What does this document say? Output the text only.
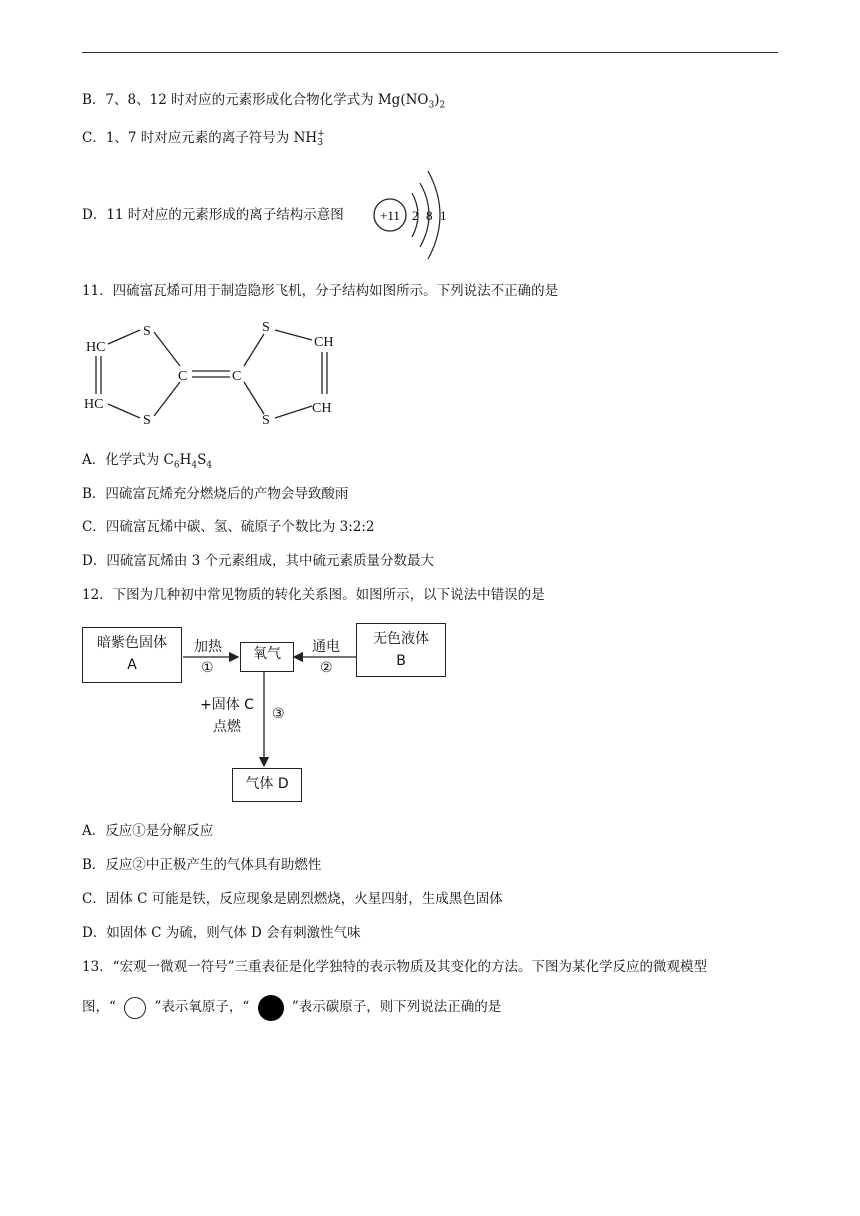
B．7、8、12 时对应的元素形成化合物化学式为 $Mg(NO_3)_2$
C．1、7 时对应元素的离子符号为 NH +
3
D．11 时对应的元素形成的离子结构示意图	+11 2 8 1
11．四硫富瓦烯可用于制造隐形飞机，分子结构如图所示。下列说法不正确的是
HC
HC
S
S
C	C
S
S
CH
CH
A．化学式为 $C_6H_4S_4$
B．四硫富瓦烯充分燃烧后的产物会导致酸雨
C．四硫富瓦烯中碳、氢、硫原子个数比为 3:2:2
D．四硫富瓦烯由 3 个元素组成，其中硫元素质量分数最大
12．下图为几种初中常见物质的转化关系图。如图所示，以下说法中错误的是
暗紫色固体
A
氧气
无色液体
B
气体 D
加热
①
通电
②
+固体 C
点燃
③
A．反应①是分解反应
B．反应②中正极产生的气体具有助燃性
C．固体 C 可能是铁，反应现象是剧烈燃烧，火星四射，生成黑色固体
D．如固体 C 为硫，则气体 D 会有刺激性气味
13．“宏观一微观一符号”三重表征是化学独特的表示物质及其变化的方法。下图为某化学反应的微观模型
图，“	”表示氧原子，“	”表示碳原子，则下列说法正确的是
